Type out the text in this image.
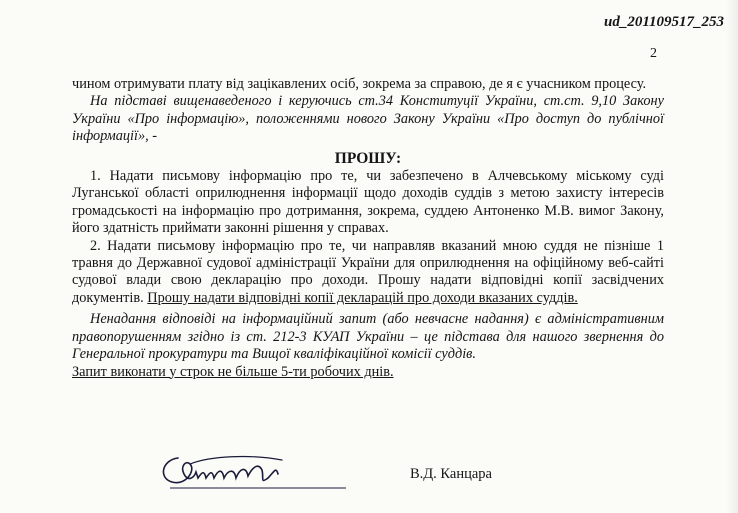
ud_201109517_253
2

чином отримувати плату від зацікавлених осіб, зокрема за справою, де я є учасником процесу.

На підставі вищенаведеного і керуючись ст.34 Конституції України, ст.ст. 9,10 Закону України «Про інформацію», положеннями нового Закону України «Про доступ до публічної інформації», -

ПРОШУ:

1. Надати письмову інформацію про те, чи забезпечено в Алчевському міському суді Луганської області оприлюднення інформації щодо доходів суддів з метою захисту інтересів громадськості на інформацію про дотримання, зокрема, суддею Антоненко М.В. вимог Закону, його здатність приймати законні рішення у справах.

2. Надати письмову інформацію про те, чи направляв вказаний мною суддя не пізніше 1 травня до Державної судової адміністрації України для оприлюднення на офіційному веб-сайті судової влади свою декларацію про доходи. Прошу надати відповідні копії засвідчених документів. Прошу надати відповідні копії декларацій про доходи вказаних суддів.

Ненадання відповіді на інформаційний запит (або невчасне надання) є адміністративним правопорушенням згідно із ст. 212-3 КУАП України – це підстава для нашого звернення до Генеральної прокуратури та Вищої кваліфікаційної комісії суддів.

Запит виконати у строк не більше 5-ти робочих днів.

В.Д. Канцара
